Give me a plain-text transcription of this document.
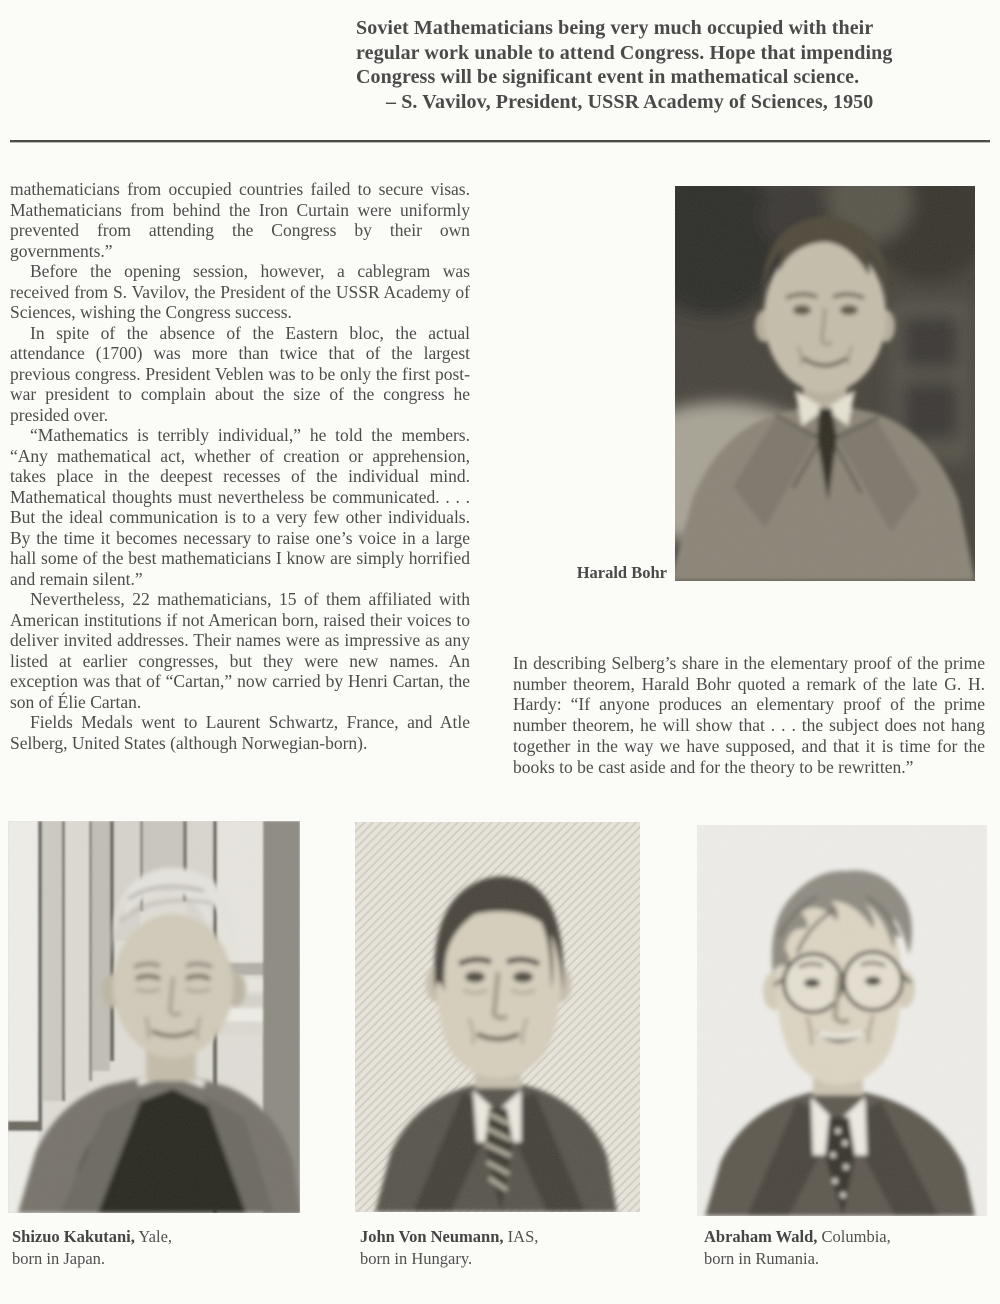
Soviet Mathematicians being very much occupied with their
regular work unable to attend Congress. Hope that impending
Congress will be significant event in mathematical science.
– S. Vavilov, President, USSR Academy of Sciences, 1950

mathematicians from occupied countries failed to secure visas. Mathematicians from behind the Iron Curtain were uniformly prevented from attending the Congress by their own governments.”

Before the opening session, however, a cablegram was received from S. Vavilov, the President of the USSR Academy of Sciences, wishing the Congress success.

In spite of the absence of the Eastern bloc, the actual attendance (1700) was more than twice that of the largest previous congress. President Veblen was to be only the first post-war president to complain about the size of the congress he presided over.

“Mathematics is terribly individual,” he told the members. “Any mathematical act, whether of creation or apprehension, takes place in the deepest recesses of the individual mind. Mathematical thoughts must nevertheless be communicated. . . . But the ideal communication is to a very few other individuals. By the time it becomes necessary to raise one’s voice in a large hall some of the best mathematicians I know are simply horrified and remain silent.”

Nevertheless, 22 mathematicians, 15 of them affiliated with American institutions if not American born, raised their voices to deliver invited addresses. Their names were as impressive as any listed at earlier congresses, but they were new names. An exception was that of “Cartan,” now carried by Henri Cartan, the son of Élie Cartan.

Fields Medals went to Laurent Schwartz, France, and Atle Selberg, United States (although Norwegian-born).

Harald Bohr

In describing Selberg’s share in the elementary proof of the prime number theorem, Harald Bohr quoted a remark of the late G. H. Hardy: “If anyone produces an elementary proof of the prime number theorem, he will show that . . . the subject does not hang together in the way we have supposed, and that it is time for the books to be cast aside and for the theory to be rewritten.”

Shizuo Kakutani, Yale,
born in Japan.
John Von Neumann, IAS,
born in Hungary.
Abraham Wald, Columbia,
born in Rumania.
